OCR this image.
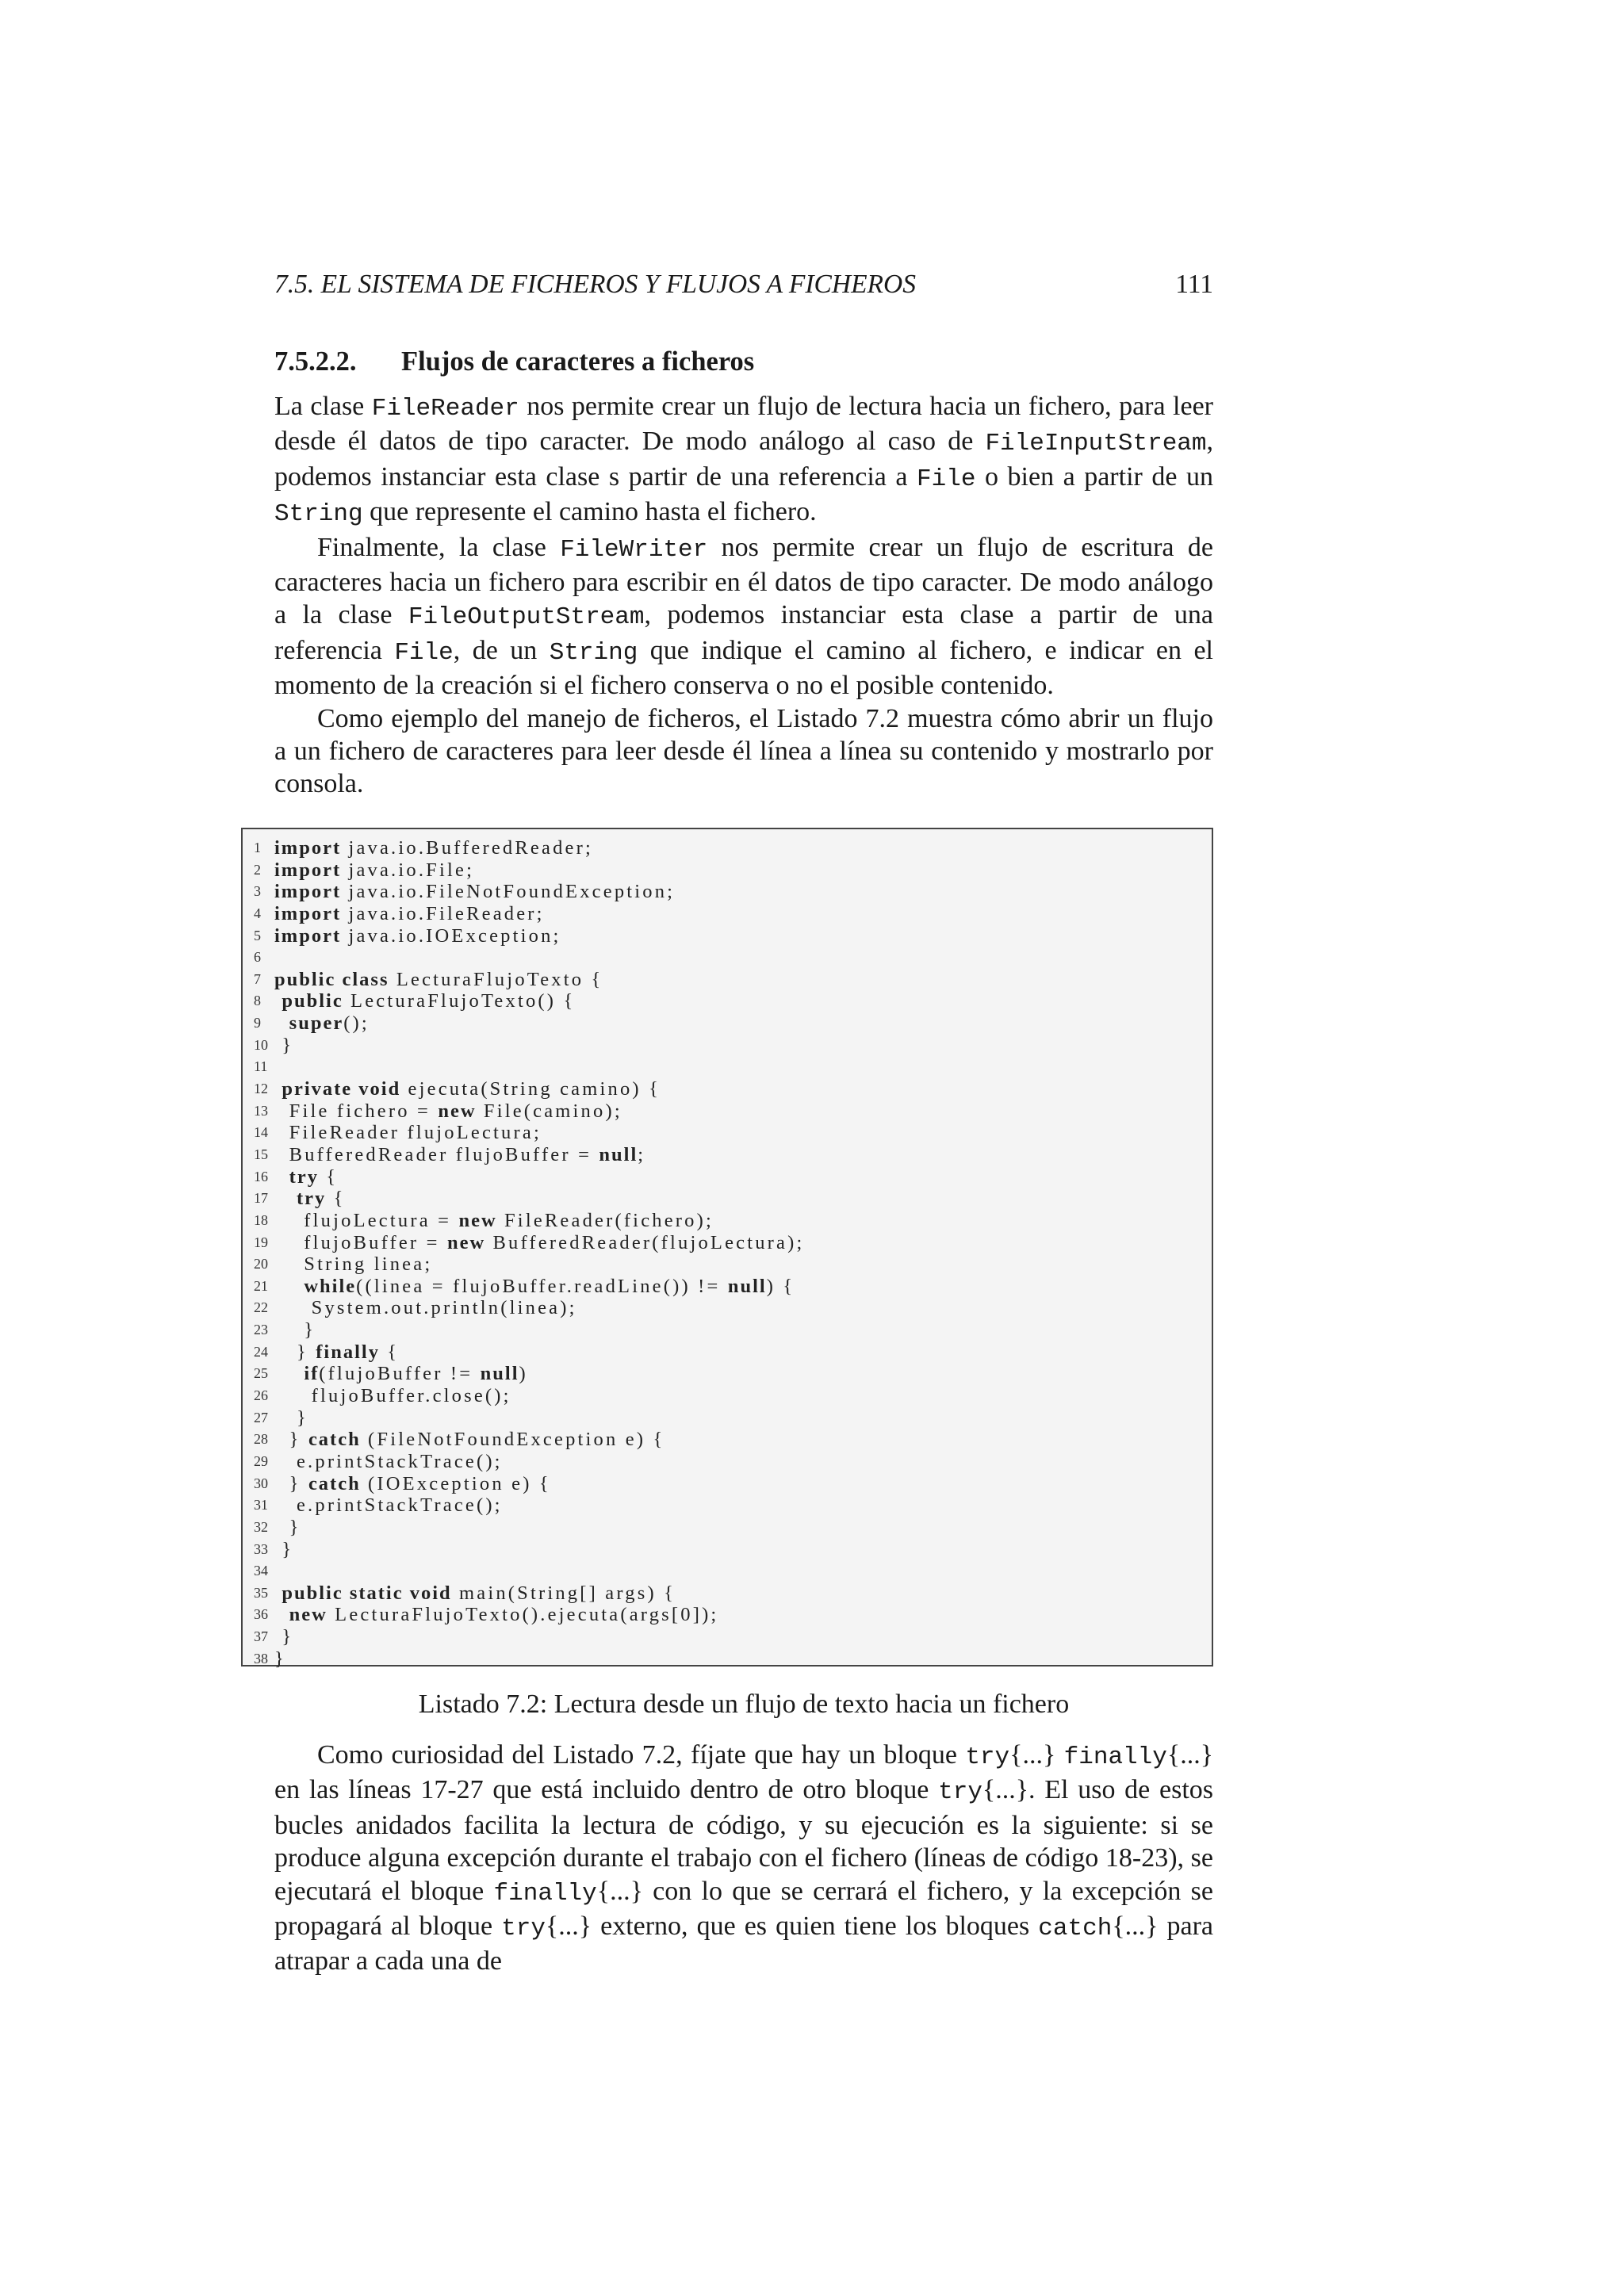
7.5. EL SISTEMA DE FICHEROS Y FLUJOS A FICHEROS	111
7.5.2.2. Flujos de caracteres a ficheros

La clase FileReader nos permite crear un flujo de lectura hacia un fichero, para leer desde él datos de tipo caracter. De modo análogo al caso de FileInputStream, podemos instanciar esta clase s partir de una referencia a File o bien a partir de un String que represente el camino hasta el fichero.

Finalmente, la clase FileWriter nos permite crear un flujo de escritura de caracteres hacia un fichero para escribir en él datos de tipo caracter. De modo análogo a la clase FileOutputStream, podemos instanciar esta clase a partir de una referencia File, de un String que indique el camino al fichero, e indicar en el momento de la creación si el fichero conserva o no el posible contenido.

Como ejemplo del manejo de ficheros, el Listado 7.2 muestra cómo abrir un flujo a un fichero de caracteres para leer desde él línea a línea su contenido y mostrarlo por consola.

1 import java.io.BufferedReader;
2 import java.io.File;
3 import java.io.FileNotFoundException;
4 import java.io.FileReader;
5 import java.io.IOException;
6
7 public class LecturaFlujoTexto {
8	public LecturaFlujoTexto() {
9	super();
10 }
11
12 private void ejecuta(String camino) {
13 File fichero = new File(camino);
14 FileReader flujoLectura;
15 BufferedReader flujoBuffer = null;
16	try {
17	try {
18 flujoLectura = new FileReader(fichero);
19 flujoBuffer = new BufferedReader(flujoLectura);
20 String linea;
21	while((linea = flujoBuffer.readLine()) != null) {
22 System.out.println(linea);
23 }
24 } finally {
25	if(flujoBuffer != null)
26 flujoBuffer.close();
27 }
28 } catch (FileNotFoundException e) {
29 e.printStackTrace();
30 } catch (IOException e) {
31 e.printStackTrace();
32 }
33 }
34
35 public static void main(String[] args) {
36	new LecturaFlujoTexto().ejecuta(args[0]);
37 }
38 }
Listado 7.2: Lectura desde un flujo de texto hacia un fichero

Como curiosidad del Listado 7.2, fíjate que hay un bloque try{...} finally{...} en las líneas 17-27 que está incluido dentro de otro bloque try{...}. El uso de estos bucles anidados facilita la lectura de código, y su ejecución es la siguiente: si se produce alguna excepción durante el trabajo con el fichero (líneas de código 18-23), se ejecutará el bloque finally{...} con lo que se cerrará el fichero, y la excepción se propagará al bloque try{...} externo, que es quien tiene los bloques catch{...} para atrapar a cada una de
